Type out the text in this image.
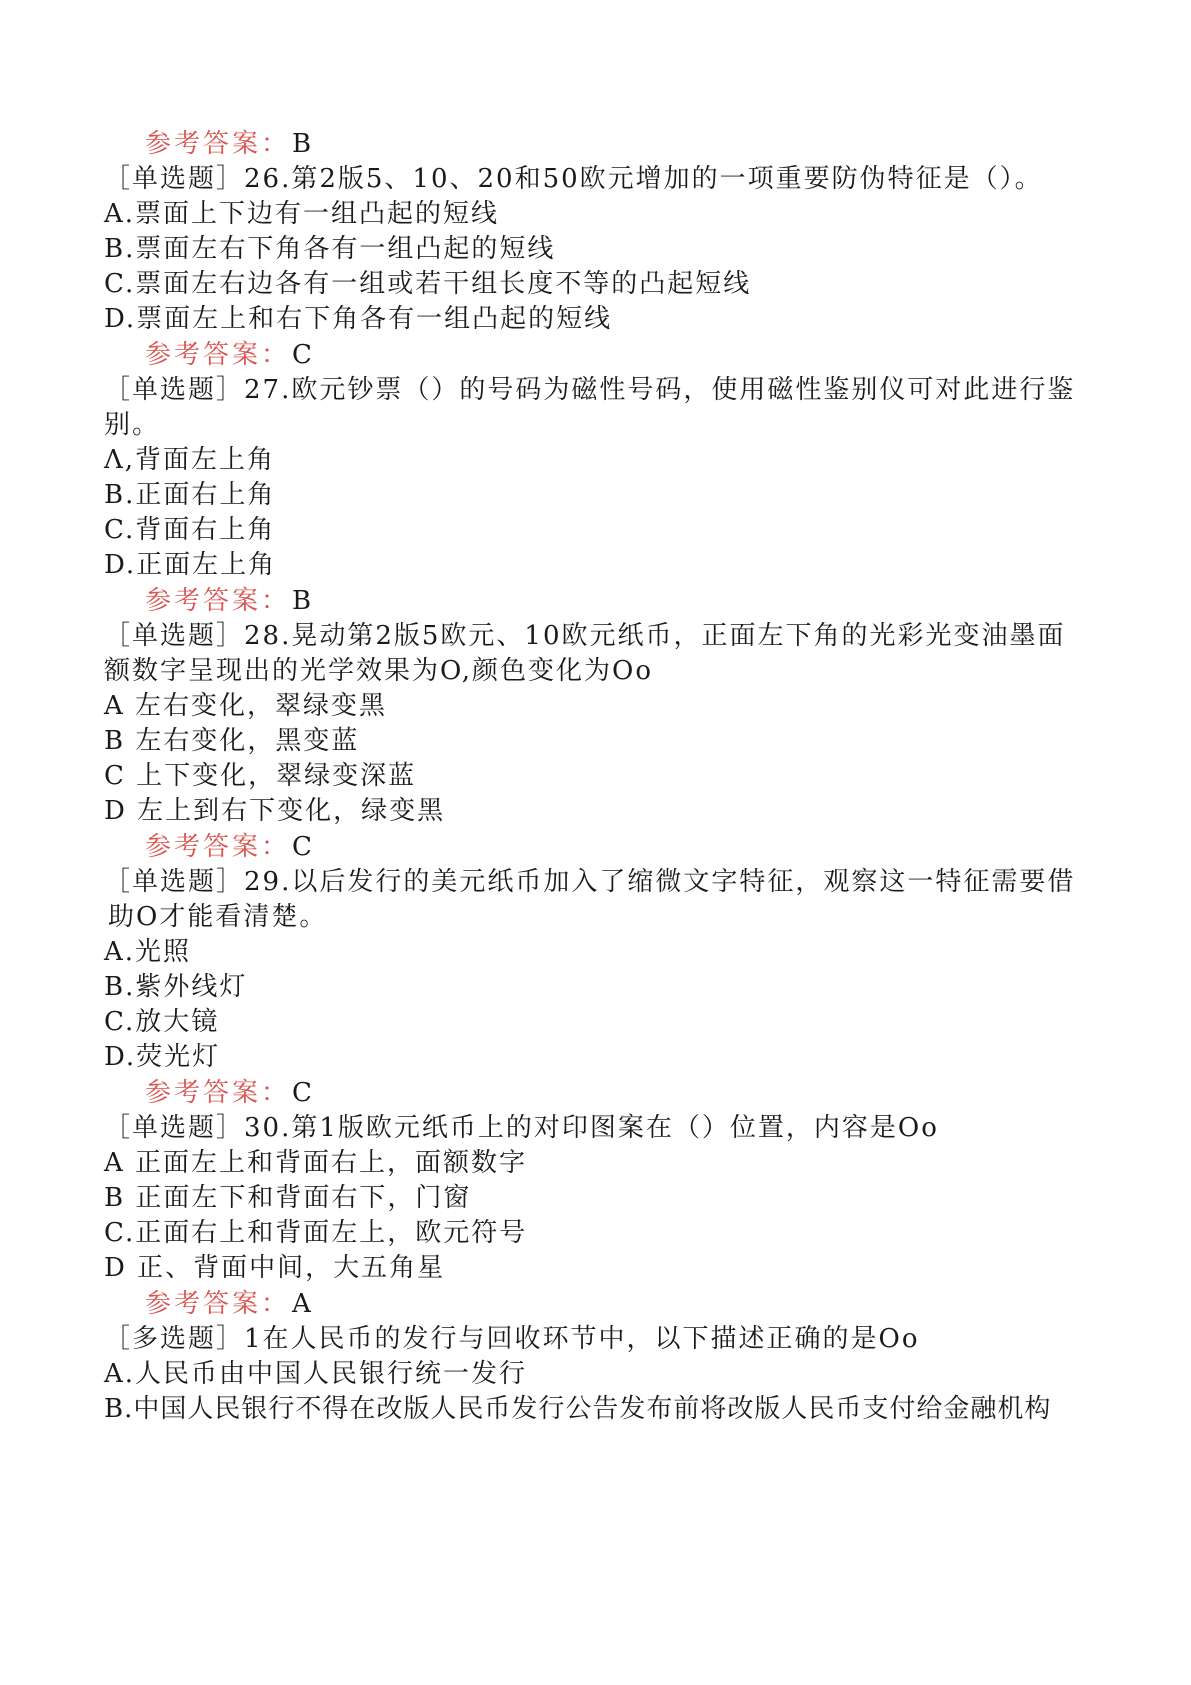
参考答案：B
［单选题］26.第2版5、10、20和50欧元增加的一项重要防伪特征是（）。
A.票面上下边有一组凸起的短线
B.票面左右下角各有一组凸起的短线
C.票面左右边各有一组或若干组长度不等的凸起短线
D.票面左上和右下角各有一组凸起的短线
参考答案：C
［单选题］27.欧元钞票（）的号码为磁性号码，使用磁性鉴别仪可对此进行鉴
别。
Λ,背面左上角
B.正面右上角
C.背面右上角
D.正面左上角
参考答案：B
［单选题］28.晃动第2版5欧元、10欧元纸币，正面左下角的光彩光变油墨面
额数字呈现出的光学效果为O,颜色变化为Oo
A 左右变化，翠绿变黑
B 左右变化，黑变蓝
C 上下变化，翠绿变深蓝
D 左上到右下变化，绿变黑
参考答案：C
［单选题］29.以后发行的美元纸币加入了缩微文字特征，观察这一特征需要借
助O才能看清楚。
A.光照
B.紫外线灯
C.放大镜
D.荧光灯
参考答案：C
［单选题］30.第1版欧元纸币上的对印图案在（）位置，内容是Oo
A 正面左上和背面右上，面额数字
B 正面左下和背面右下，门窗
C.正面右上和背面左上，欧元符号
D 正、背面中间，大五角星
参考答案：A
［多选题］1在人民币的发行与回收环节中，以下描述正确的是Oo
A.人民币由中国人民银行统一发行
B.中国人民银行不得在改版人民币发行公告发布前将改版人民币支付给金融机构
